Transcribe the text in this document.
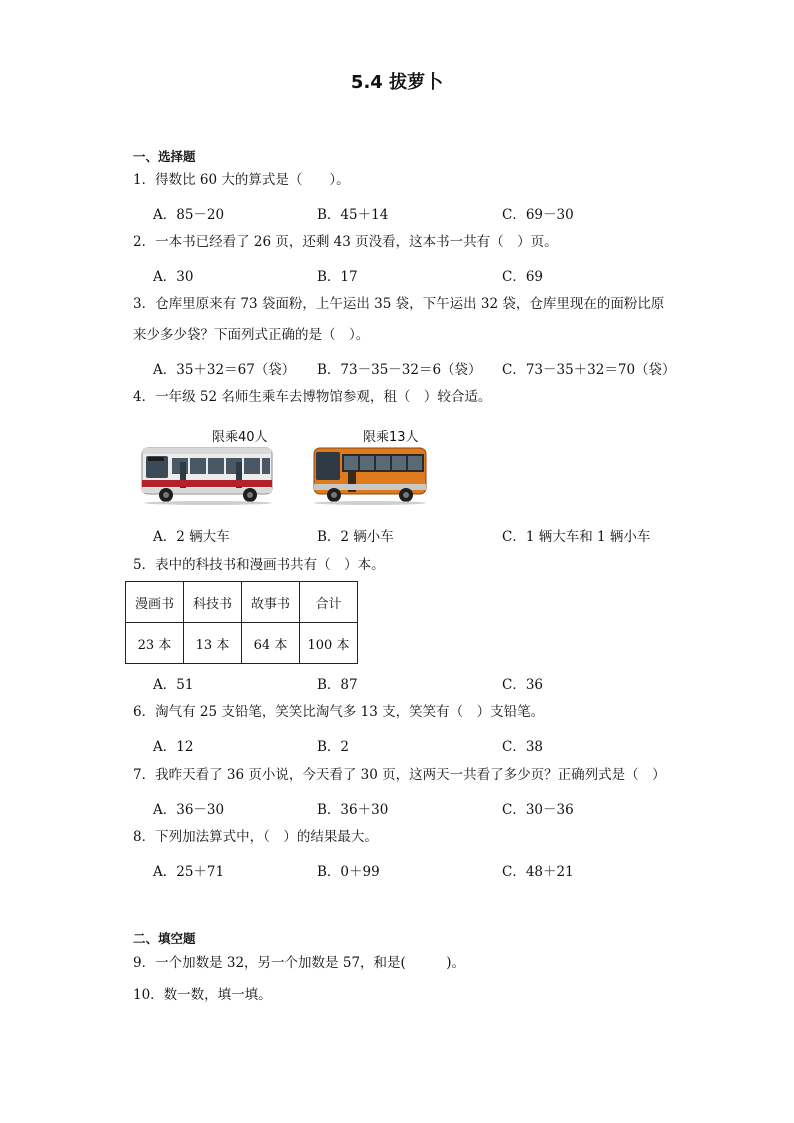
5.4 拔萝卜
一、选择题
1．得数比 60 大的算式是（　　）。
A．85－20	B．45＋14	C．69－30
2．一本书已经看了 26 页，还剩 43 页没看，这本书一共有（　）页。
A．30	B．17	C．69
3．仓库里原来有 73 袋面粉，上午运出 35 袋，下午运出 32 袋，仓库里现在的面粉比原
来少多少袋？下面列式正确的是（　）。
A．35＋32＝67（袋） B．73－35－32＝6（袋） C．73－35＋32＝70（袋）
4．一年级 52 名师生乘车去博物馆参观，租（　）较合适。
限乘40人	限乘13人
A．2 辆大车	B．2 辆小车	C．1 辆大车和 1 辆小车
5．表中的科技书和漫画书共有（　）本。
漫画书	科技书	故事书	合计
23 本	13 本	64 本	100 本
A．51	B．87	C．36
6．淘气有 25 支铅笔，笑笑比淘气多 13 支，笑笑有（　）支铅笔。
A．12	B．2	C．38
7．我昨天看了 36 页小说，今天看了 30 页，这两天一共看了多少页？正确列式是（　）
A．36－30	B．36＋30	C．30－36
8．下列加法算式中，（　）的结果最大。
A．25＋71	B．0＋99	C．48＋21
二、填空题
9．一个加数是 32，另一个加数是 57，和是(　　　)。
10．数一数，填一填。
